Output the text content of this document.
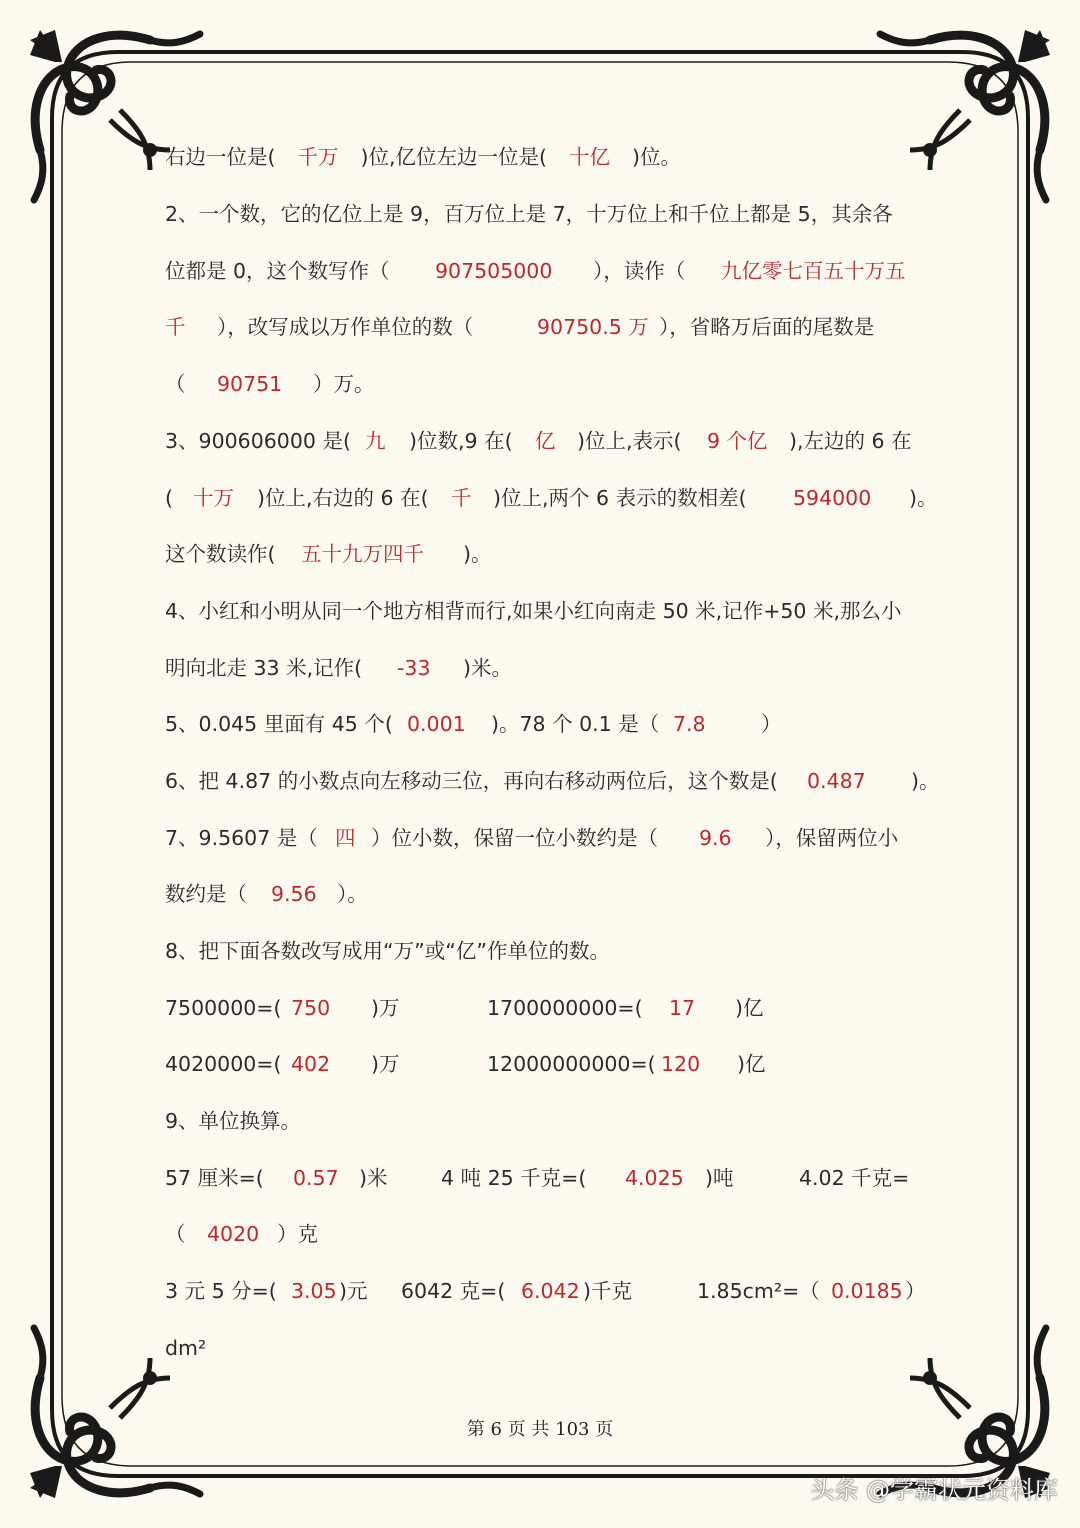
右边一位是( 千万 )位,亿位左边一位是( 十亿 )位。
2、一个数，它的亿位上是 9，百万位上是 7，十万位上和千位上都是 5，其余各
位都是 0，这个数写作（ 907505000 ），读作（ 九亿零七百五十万五
千 ），改写成以万作单位的数（	90750.5 万 ），省略万后面的尾数是
（ 90751 ）万。
3、900606000 是( 九 )位数,9 在( 亿 )位上,表示( 9 个亿 ),左边的 6 在
( 十万 )位上,右边的 6 在( 千 )位上,两个 6 表示的数相差( 594000 )。
这个数读作( 五十九万四千 )。
4、小红和小明从同一个地方相背而行,如果小红向南走 50 米,记作+50 米,那么小
明向北走 33 米,记作( -33 )米。
5、0.045 里面有 45 个( 0.001 )。78 个 0.1 是（ 7.8	）
6、把 4.87 的小数点向左移动三位，再向右移动两位后，这个数是( 0.487 )。
7、9.5607 是（ 四 ）位小数，保留一位小数约是（ 9.6 ），保留两位小
数约是（ 9.56 ）。
8、把下面各数改写成用“万”或“亿”作单位的数。
7500000=( 750 )万	1700000000=( 17 )亿
4020000=( 402 )万	12000000000=( 120 )亿
9、单位换算。
57 厘米=( 0.57 )米	4 吨 25 千克=( 4.025 )吨	4.02 千克=
（ 4020 ）克
3 元 5 分=( 3.05 )元 6042 克=( 6.042 )千克	1.85cm²=（ 0.0185 ）
dm²
第 6 页 共 103 页
头条 @学霸状元资料库
